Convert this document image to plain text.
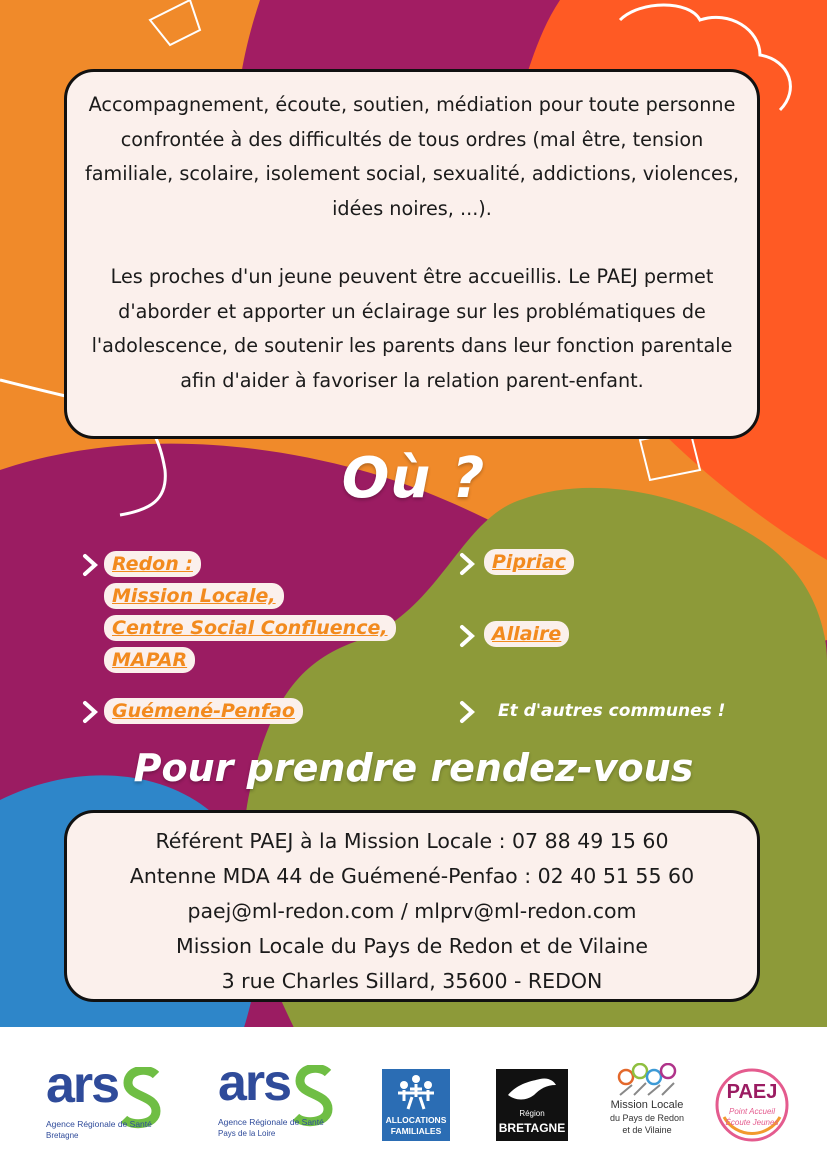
Accompagnement, écoute, soutien, médiation pour toute personne confrontée à des difficultés de tous ordres (mal être, tension familiale, scolaire, isolement social, sexualité, addictions, violences, idées noires, ...).

Les proches d'un jeune peuvent être accueillis. Le PAEJ permet d'aborder et apporter un éclairage sur les problématiques de l'adolescence, de soutenir les parents dans leur fonction parentale afin d'aider à favoriser la relation parent-enfant.

Où ?
Redon :
Mission Locale,
Centre Social Confluence,
MAPAR
Guémené-Penfao
Pipriac
Allaire
Et d'autres communes !
Pour prendre rendez-vous
Référent PAEJ à la Mission Locale : 07 88 49 15 60
Antenne MDA 44 de Guémené-Penfao : 02 40 51 55 60
paej@ml-redon.com / mlprv@ml-redon.com
Mission Locale du Pays de Redon et de Vilaine
3 rue Charles Sillard, 35600 - REDON
ars
Agence Régionale de Santé
Bretagne
ars
Agence Régionale de Santé
Pays de la Loire
ALLOCATIONS
FAMILIALES
Région
BRETAGNE
Mission Locale
du Pays de Redon
et de Vilaine
PAEJ
Point Accueil
Écoute Jeunes
